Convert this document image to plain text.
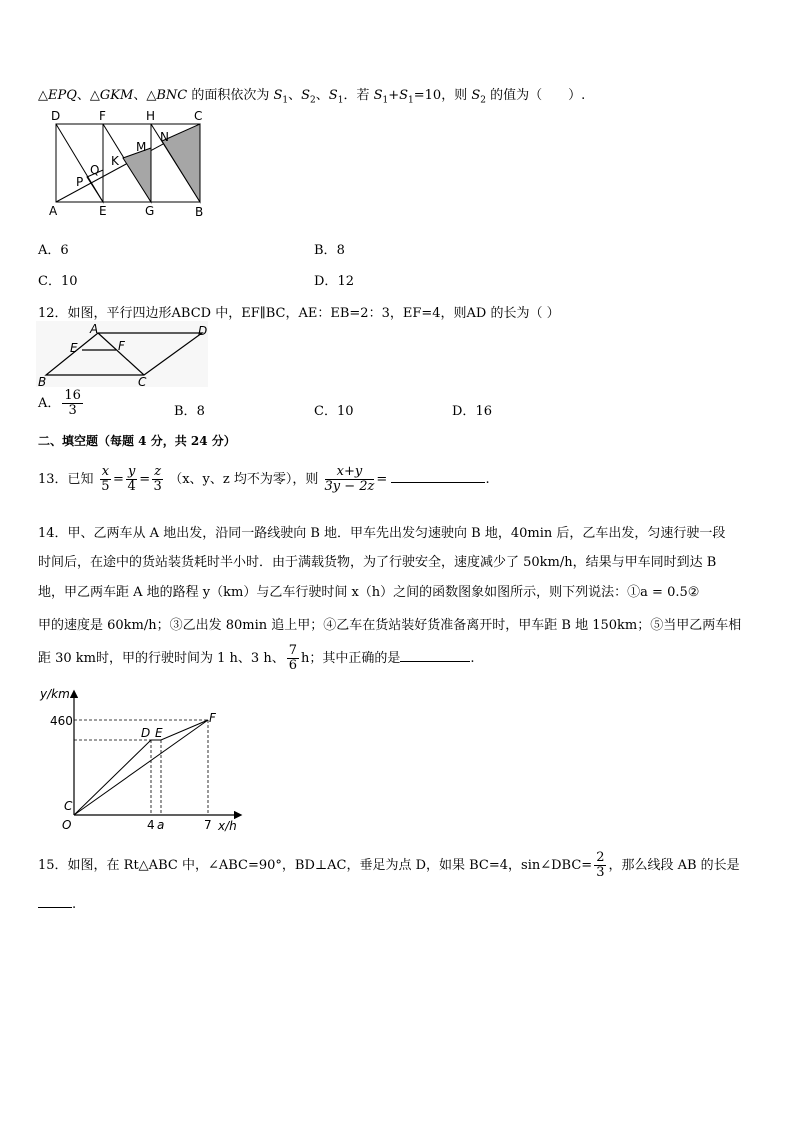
△EPQ、△GKM、△BNC 的面积依次为 $S_1$、$S_2$、$S_1$．若 $S_1+S_1=10$，则 $S_2$ 的值为（　　）.
D	F	H	C
A	E	G	B
P
Q
K
M
N
A．6	B．8
C．10	D．12
12．如图，平行四边形ABCD 中，EF∥BC，AE：EB=2：3，EF=4，则AD 的长为（ ）
A	D
E	F
B	C
A． $\frac{16}{3}$	B．8	C．10	D．16
二、填空题（每题 4 分，共 24 分）
13．已知 $\frac{x}{5} = \frac{y}{4} = \frac{z}{3} (x$、y、z 均不为零），则 $\frac{x+y}{3y - 2z}$ =	.
14．甲、乙两车从 A 地出发，沿同一路线驶向 B 地．甲车先出发匀速驶向 B 地，40min 后，乙车出发，匀速行驶一段
时间后，在途中的货站装货耗时半小时．由于满载货物，为了行驶安全，速度减少了 50km/h，结果与甲车同时到达 B
地，甲乙两车距 A 地的路程 y（km）与乙车行驶时间 x（h）之间的函数图象如图所示，则下列说法：①a = 0.5②
甲的速度是 60km/h；③乙出发 80min 追上甲；④乙车在货站装好货准备离开时，甲车距 B 地 150km；⑤当甲乙两车相
距 30 km时，甲的行驶时间为 1 h、3 h、 $\frac{7}{6}$ h；其中正确的是	.
y/km
460
O
C
D E
F
4 a	7 x/h
15．如图，在 Rt△ABC 中，∠ABC=90°，BD⊥AC，垂足为点 D，如果 BC=4，sin∠DBC= $\frac{2}{3}$ ，那么线段 AB 的长是
.
